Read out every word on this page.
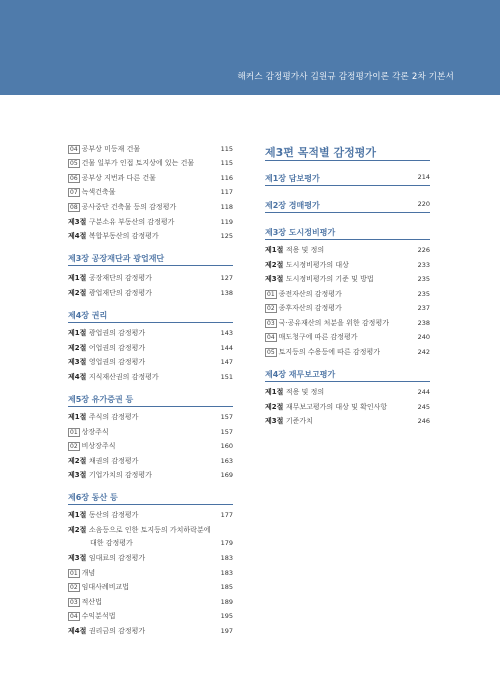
해커스 감정평가사 김원규 감정평가이론 각론 2차 기본서
04 공부상 미등재 건물	115
05 건물 일부가 인접 토지상에 있는 건물	115
06 공부상 지번과 다른 건물	116
07 녹색건축물	117
08 공사중단 건축물 등의 감정평가	118
제3절 구분소유 부동산의 감정평가	119
제4절 복합부동산의 감정평가	125
제3장 공장재단과 광업재단
제1절 공장재단의 감정평가	127
제2절 광업재단의 감정평가	138
제4장 권리
제1절 광업권의 감정평가	143
제2절 어업권의 감정평가	144
제3절 영업권의 감정평가	147
제4절 지식재산권의 감정평가	151
제5장 유가증권 등
제1절 주식의 감정평가	157
01 상장주식	157
02 비상장주식	160
제2절 채권의 감정평가	163
제3절 기업가치의 감정평가	169
제6장 동산 등
제1절 동산의 감정평가	177
제2절 소음등으로 인한 토지등의 가치하락분에
대한 감정평가	179
제3절 임대료의 감정평가	183
01 개념	183
02 임대사례비교법	185
03 적산법	189
04 수익분석법	195
제4절 권리금의 감정평가	197
제3편 목적별 감정평가
제1장 담보평가	214
제2장 경매평가	220
제3장 도시정비평가
제1절 적용 및 정의	226
제2절 도시정비평가의 대상	233
제3절 도시정비평가의 기준 및 방법	235
01 종전자산의 감정평가	235
02 종후자산의 감정평가	237
03 국·공유재산의 처분을 위한 감정평가	238
04 매도청구에 따른 감정평가	240
05 토지등의 수용등에 따른 감정평가	242
제4장 재무보고평가
제1절 적용 및 정의	244
제2절 재무보고평가의 대상 및 확인사항	245
제3절 기준가치	246
